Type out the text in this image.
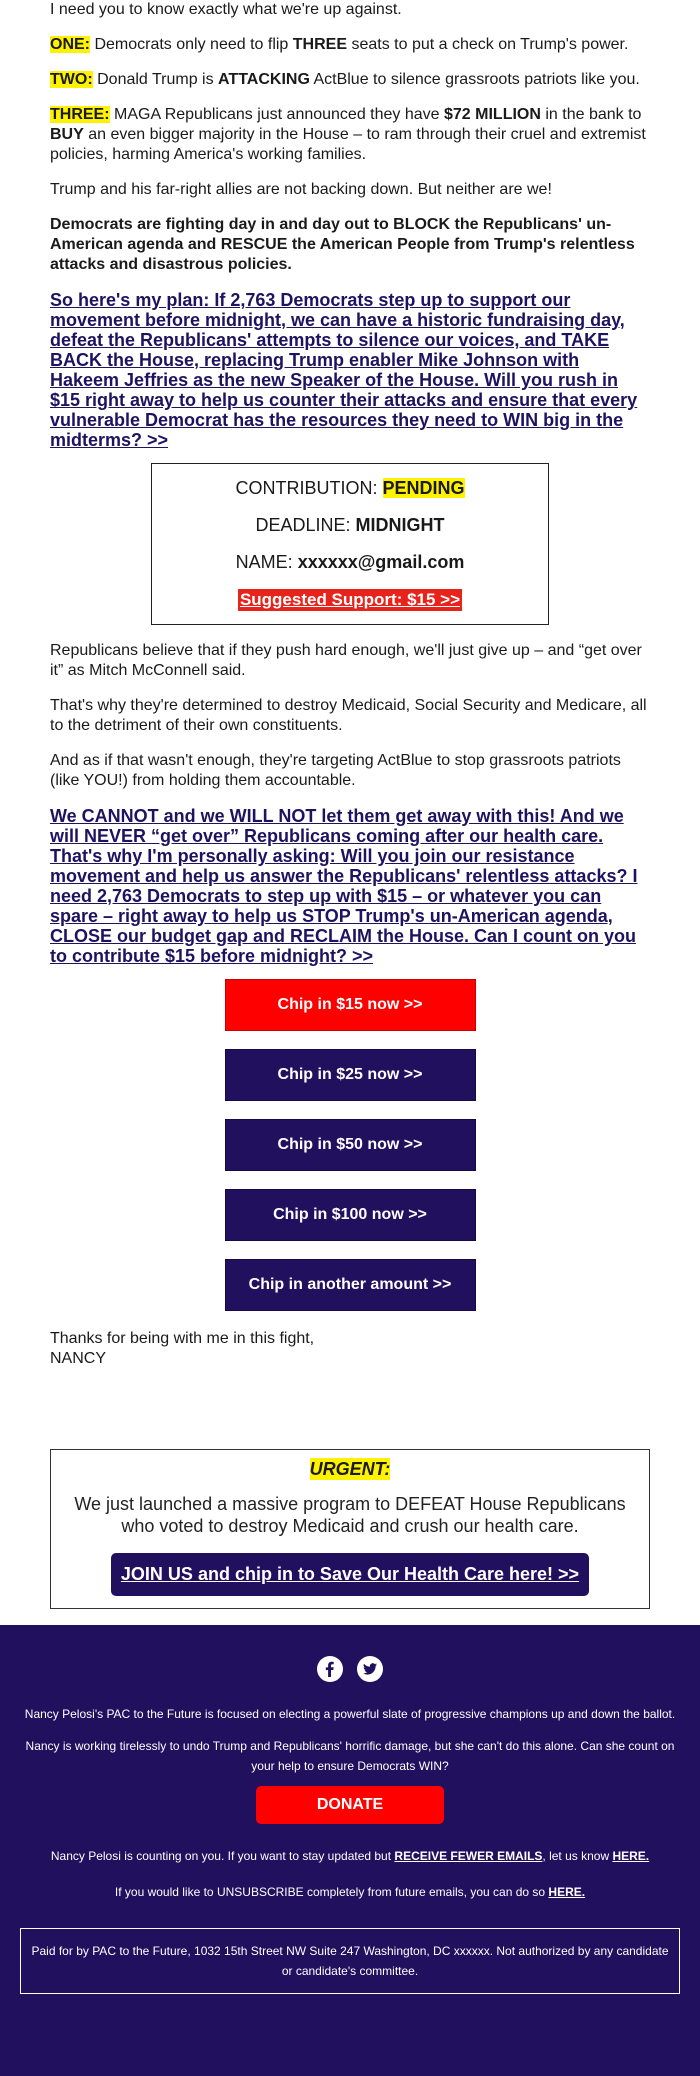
I need you to know exactly what we're up against.

ONE: Democrats only need to flip THREE seats to put a check on Trump's power.

TWO: Donald Trump is ATTACKING ActBlue to silence grassroots patriots like you.

THREE: MAGA Republicans just announced they have $72 MILLION in the bank to BUY an even bigger majority in the House – to ram through their cruel and extremist policies, harming America's working families.

Trump and his far-right allies are not backing down. But neither are we!

Democrats are fighting day in and day out to BLOCK the Republicans' un-American agenda and RESCUE the American People from Trump's relentless attacks and disastrous policies.

So here's my plan: If 2,763 Democrats step up to support our movement before midnight, we can have a historic fundraising day, defeat the Republicans' attempts to silence our voices, and TAKE BACK the House, replacing Trump enabler Mike Johnson with Hakeem Jeffries as the new Speaker of the House. Will you rush in $15 right away to help us counter their attacks and ensure that every vulnerable Democrat has the resources they need to WIN big in the midterms? >>
CONTRIBUTION: PENDING
DEADLINE: MIDNIGHT
NAME: xxxxxx@gmail.com
Suggested Support: $15 >>

Republicans believe that if they push hard enough, we'll just give up – and “get over it” as Mitch McConnell said.

That's why they're determined to destroy Medicaid, Social Security and Medicare, all to the detriment of their own constituents.

And as if that wasn't enough, they're targeting ActBlue to stop grassroots patriots (like YOU!) from holding them accountable.

We CANNOT and we WILL NOT let them get away with this! And we will NEVER “get over” Republicans coming after our health care. That's why I'm personally asking: Will you join our resistance movement and help us answer the Republicans' relentless attacks? I need 2,763 Democrats to step up with $15 – or whatever you can spare – right away to help us STOP Trump's un-American agenda, CLOSE our budget gap and RECLAIM the House. Can I count on you to contribute $15 before midnight? >>
Chip in $15 now >>
Chip in $25 now >>
Chip in $50 now >>
Chip in $100 now >>
Chip in another amount >>
Thanks for being with me in this fight,
NANCY
URGENT:
We just launched a massive program to DEFEAT House Republicans who voted to destroy Medicaid and crush our health care.
JOIN US and chip in to Save Our Health Care here! >>

Nancy Pelosi's PAC to the Future is focused on electing a powerful slate of progressive champions up and down the ballot.

Nancy is working tirelessly to undo Trump and Republicans' horrific damage, but she can't do this alone. Can she count on your help to ensure Democrats WIN?

DONATE

Nancy Pelosi is counting on you. If you want to stay updated but RECEIVE FEWER EMAILS, let us know HERE.

If you would like to UNSUBSCRIBE completely from future emails, you can do so HERE.

Paid for by PAC to the Future, 1032 15th Street NW Suite 247 Washington, DC xxxxxx. Not authorized by any candidate or candidate's committee.
